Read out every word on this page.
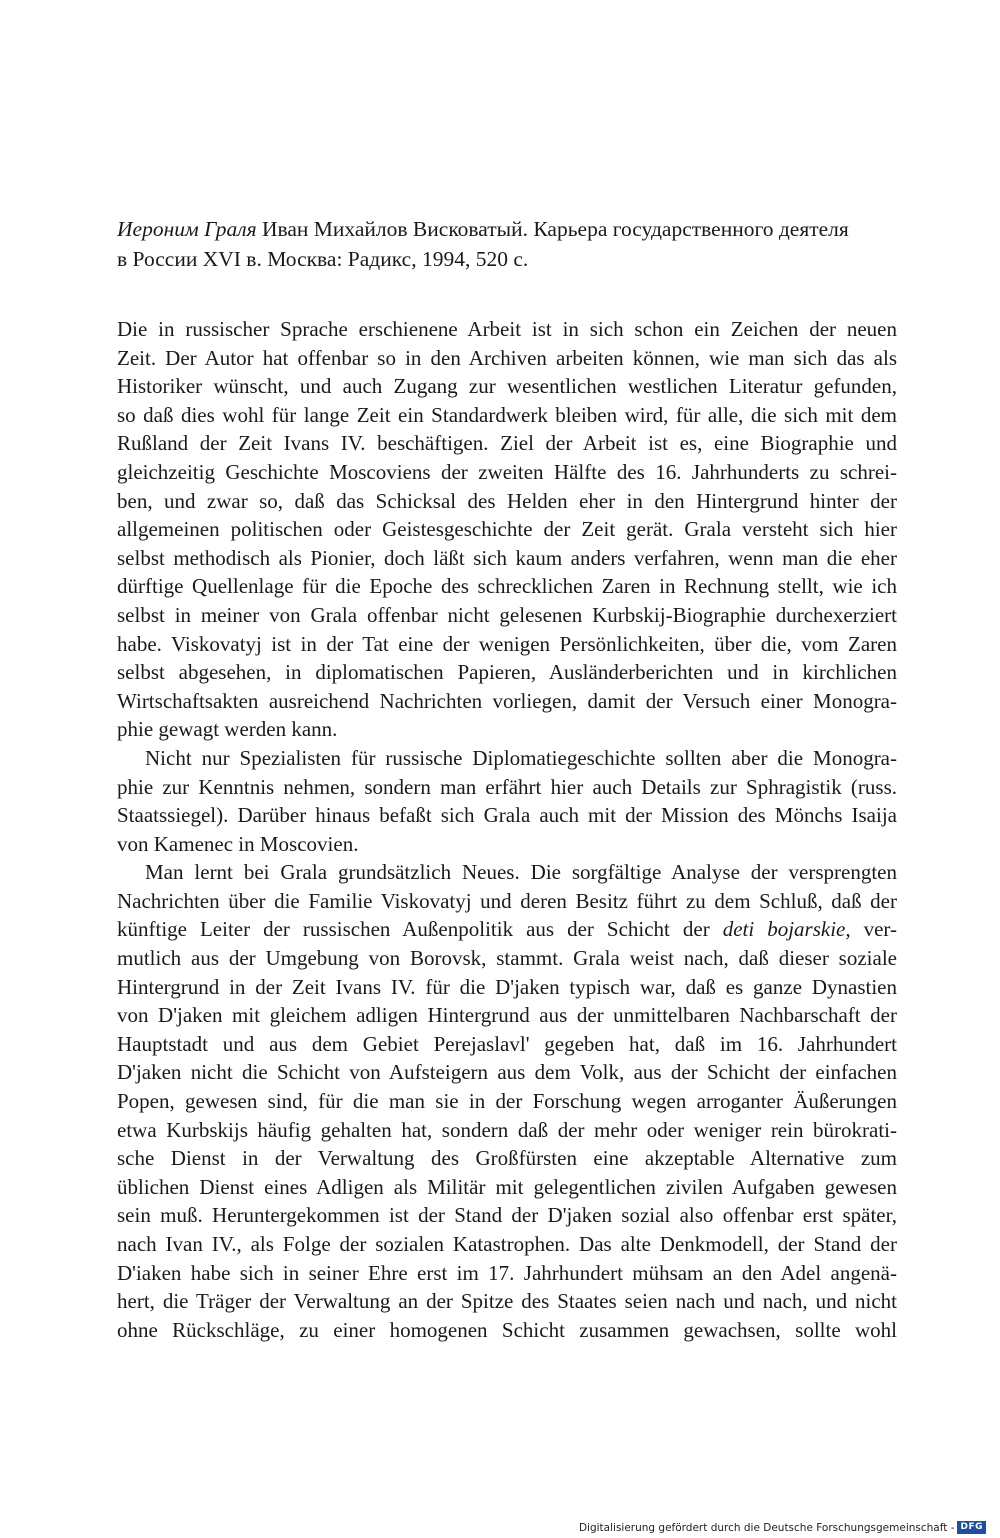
Иероним Граля Иван Михайлов Висковатый. Карьера государственного деятеля
в России XVI в. Москва: Радикс, 1994, 520 с.
Die in russischer Sprache erschienene Arbeit ist in sich schon ein Zeichen der neuen
Zeit. Der Autor hat offenbar so in den Archiven arbeiten können, wie man sich das als
Historiker wünscht, und auch Zugang zur wesentlichen westlichen Literatur gefunden,
so daß dies wohl für lange Zeit ein Standardwerk bleiben wird, für alle, die sich mit dem
Rußland der Zeit Ivans IV. beschäftigen. Ziel der Arbeit ist es, eine Biographie und
gleichzeitig Geschichte Moscoviens der zweiten Hälfte des 16. Jahrhunderts zu schrei-
ben, und zwar so, daß das Schicksal des Helden eher in den Hintergrund hinter der
allgemeinen politischen oder Geistesgeschichte der Zeit gerät. Grala versteht sich hier
selbst methodisch als Pionier, doch läßt sich kaum anders verfahren, wenn man die eher
dürftige Quellenlage für die Epoche des schrecklichen Zaren in Rechnung stellt, wie ich
selbst in meiner von Grala offenbar nicht gelesenen Kurbskij-Biographie durchexerziert
habe. Viskovatyj ist in der Tat eine der wenigen Persönlichkeiten, über die, vom Zaren
selbst abgesehen, in diplomatischen Papieren, Ausländerberichten und in kirchlichen
Wirtschaftsakten ausreichend Nachrichten vorliegen, damit der Versuch einer Monogra-
phie gewagt werden kann.
Nicht nur Spezialisten für russische Diplomatiegeschichte sollten aber die Monogra-
phie zur Kenntnis nehmen, sondern man erfährt hier auch Details zur Sphragistik (russ.
Staatssiegel). Darüber hinaus befaßt sich Grala auch mit der Mission des Mönchs Isaija
von Kamenec in Moscovien.
Man lernt bei Grala grundsätzlich Neues. Die sorgfältige Analyse der versprengten
Nachrichten über die Familie Viskovatyj und deren Besitz führt zu dem Schluß, daß der
künftige Leiter der russischen Außenpolitik aus der Schicht der deti bojarskie, ver-
mutlich aus der Umgebung von Borovsk, stammt. Grala weist nach, daß dieser soziale
Hintergrund in der Zeit Ivans IV. für die D'jaken typisch war, daß es ganze Dynastien
von D'jaken mit gleichem adligen Hintergrund aus der unmittelbaren Nachbarschaft der
Hauptstadt und aus dem Gebiet Perejaslavl' gegeben hat, daß im 16. Jahrhundert
D'jaken nicht die Schicht von Aufsteigern aus dem Volk, aus der Schicht der einfachen
Popen, gewesen sind, für die man sie in der Forschung wegen arroganter Äußerungen
etwa Kurbskijs häufig gehalten hat, sondern daß der mehr oder weniger rein bürokrati-
sche Dienst in der Verwaltung des Großfürsten eine akzeptable Alternative zum
üblichen Dienst eines Adligen als Militär mit gelegentlichen zivilen Aufgaben gewesen
sein muß. Heruntergekommen ist der Stand der D'jaken sozial also offenbar erst später,
nach Ivan IV., als Folge der sozialen Katastrophen. Das alte Denkmodell, der Stand der
D'iaken habe sich in seiner Ehre erst im 17. Jahrhundert mühsam an den Adel angenä-
hert, die Träger der Verwaltung an der Spitze des Staates seien nach und nach, und nicht
ohne Rückschläge, zu einer homogenen Schicht zusammen gewachsen, sollte wohl
Digitalisierung gefördert durch die Deutsche Forschungsgemeinschaft - DFG
